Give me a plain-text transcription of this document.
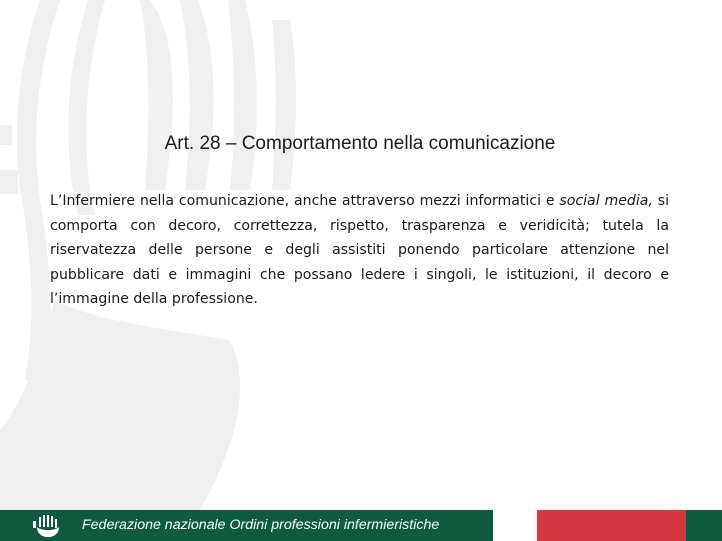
Art. 28 – Comportamento nella comunicazione

L’Infermiere nella comunicazione, anche attraverso mezzi informatici e social media, si comporta con decoro, correttezza, rispetto, trasparenza e veridicità; tutela la riservatezza delle persone e degli assistiti ponendo particolare attenzione nel pubblicare dati e immagini che possano ledere i singoli, le istituzioni, il decoro e l’immagine della professione.

Federazione nazionale Ordini professioni infermieristiche
